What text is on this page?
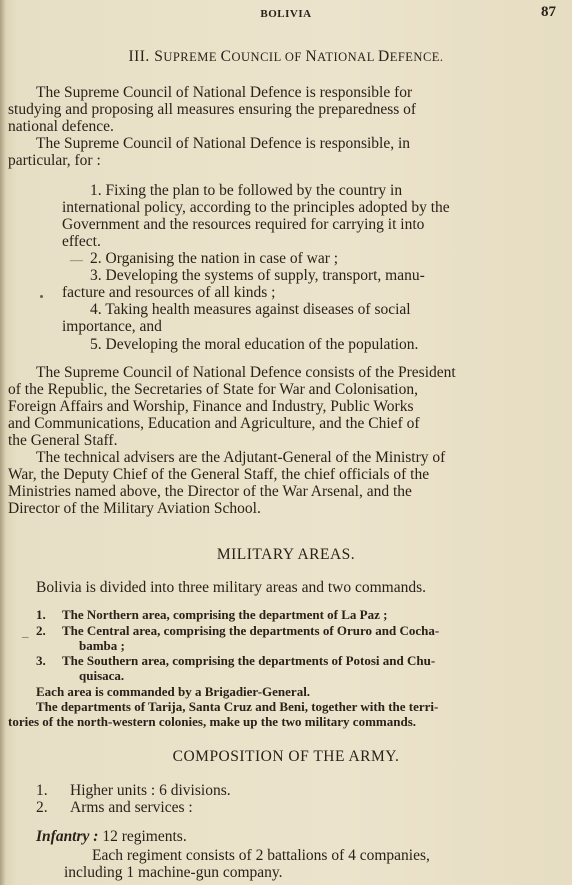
BOLIVIA	87
III. SUPREME COUNCIL OF NATIONAL DEFENCE.
The Supreme Council of National Defence is responsible for
studying and proposing all measures ensuring the preparedness of
national defence.
The Supreme Council of National Defence is responsible, in
particular, for :
1. Fixing the plan to be followed by the country in
international policy, according to the principles adopted by the
Government and the resources required for carrying it into
effect.
— 2. Organising the nation in case of war ;
3. Developing the systems of supply, transport, manu-
facture and resources of all kinds ;
4. Taking health measures against diseases of social
importance, and
5. Developing the moral education of the population.
The Supreme Council of National Defence consists of the President
of the Republic, the Secretaries of State for War and Colonisation,
Foreign Affairs and Worship, Finance and Industry, Public Works
and Communications, Education and Agriculture, and the Chief of
the General Staff.
The technical advisers are the Adjutant-General of the Ministry of
War, the Deputy Chief of the General Staff, the chief officials of the
Ministries named above, the Director of the War Arsenal, and the
Director of the Military Aviation School.
MILITARY AREAS.
Bolivia is divided into three military areas and two commands.
1. The Northern area, comprising the department of La Paz ;
_ 2. The Central area, comprising the departments of Oruro and Cocha-
bamba ;
3. The Southern area, comprising the departments of Potosi and Chu-
quisaca.
Each area is commanded by a Brigadier-General.
The departments of Tarija, Santa Cruz and Beni, together with the terri-
tories of the north-western colonies, make up the two military commands.
COMPOSITION OF THE ARMY.
1. Higher units : 6 divisions.
2. Arms and services :
Infantry : 12 regiments.
Each regiment consists of 2 battalions of 4 companies,
including 1 machine-gun company.
